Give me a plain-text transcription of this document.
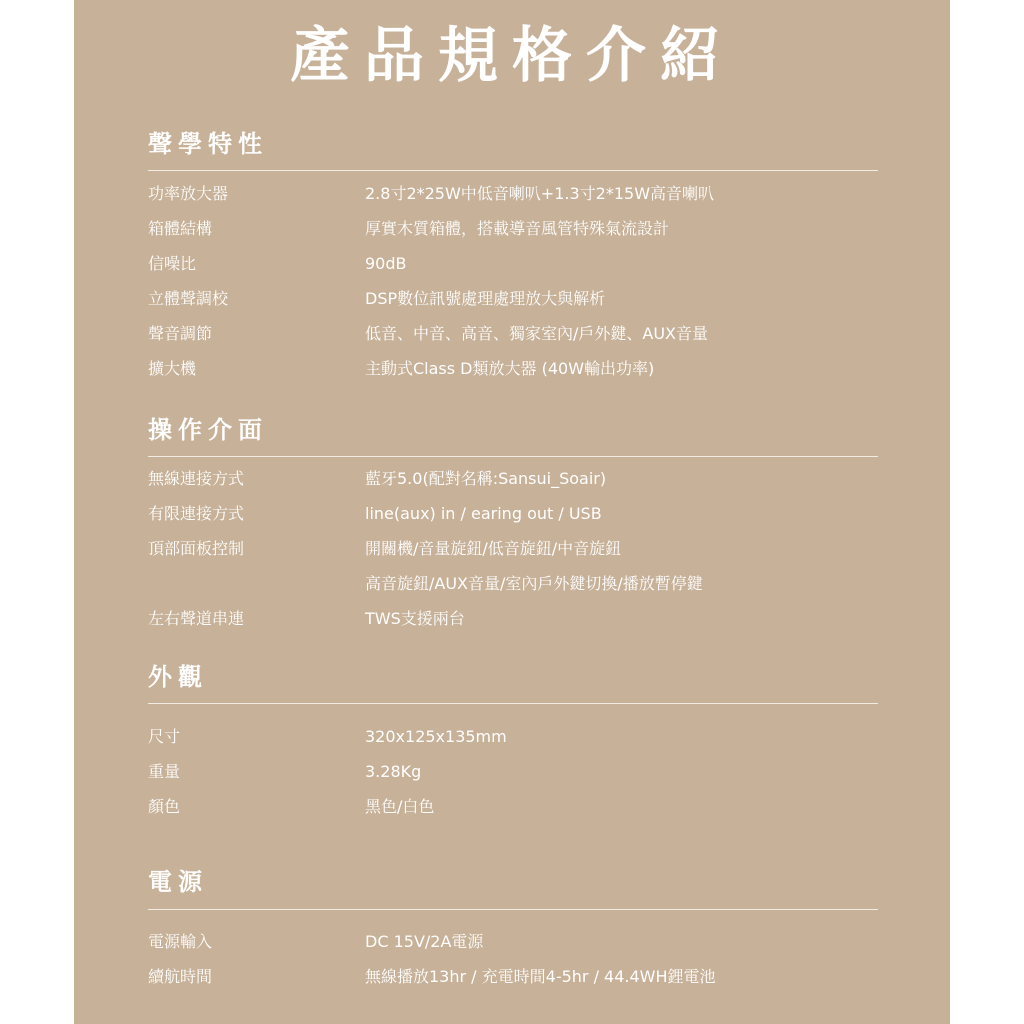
產品規格介紹
聲學特性
功率放大器	2.8寸2*25W中低音喇叭+1.3寸2*15W高音喇叭
箱體結構	厚實木質箱體，搭載導音風管特殊氣流設計
信噪比	90dB
立體聲調校	DSP數位訊號處理處理放大與解析
聲音調節	低音、中音、高音、獨家室內/戶外鍵、AUX音量
擴大機	主動式Class D類放大器 (40W輸出功率)
操作介面
無線連接方式	藍牙5.0(配對名稱:Sansui_Soair)
有限連接方式	line(aux) in / earing out / USB
頂部面板控制	開關機/音量旋鈕/低音旋鈕/中音旋鈕
高音旋鈕/AUX音量/室內戶外鍵切換/播放暫停鍵
左右聲道串連	TWS支援兩台
外觀
尺寸	320x125x135mm
重量	3.28Kg
顏色	黑色/白色
電源
電源輸入	DC 15V/2A電源
續航時間	無線播放13hr / 充電時間4-5hr / 44.4WH鋰電池
